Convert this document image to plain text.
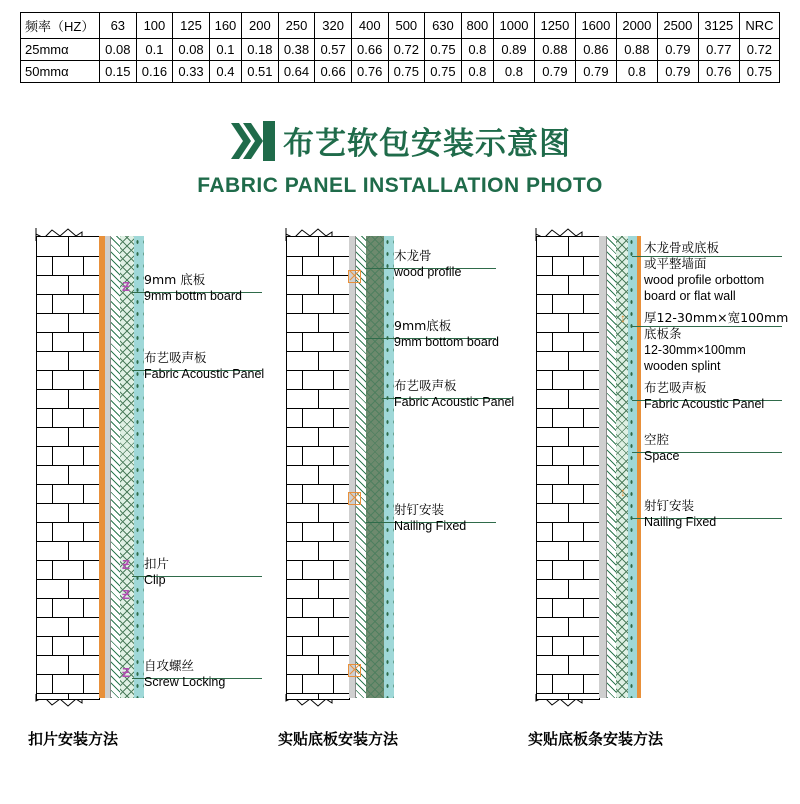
频率（HZ）	63	100	125	160	200	250	320	400	500	630	800	1000	1250	1600	2000	2500	3125	NRC
25mmα	0.08	0.1	0.08	0.1	0.18	0.38	0.57	0.66	0.72	0.75	0.8	0.89	0.88	0.86	0.88	0.79	0.77	0.72
50mmα	0.15	0.16	0.33	0.4	0.51	0.64	0.66	0.76	0.75	0.75	0.8	0.8	0.79	0.79	0.8	0.79	0.76	0.75
布艺软包安装示意图
FABRIC PANEL INSTALLATION PHOTO
Ƶ
Ƶ
Ƶ
Ƶ
9mm 底板
9mm bottm board
布艺吸声板
Fabric Acoustic Panel
扣片
Clip
自攻螺丝
Screw Locking
木龙骨
wood profile
9mm底板
9mm bottom board
布艺吸声板
Fabric Acoustic Panel
射钉安装
Nailing Fixed
↕
↕
木龙骨或底板
或平整墙面
wood profile orbottom
board or flat wall
厚12-30mm×宽100mm
底板条
12-30mm×100mm
wooden splint
布艺吸声板
Fabric Acoustic Panel
空腔
Space
射钉安装
Nailing Fixed
扣片安装方法	实贴底板安装方法	实贴底板条安装方法
